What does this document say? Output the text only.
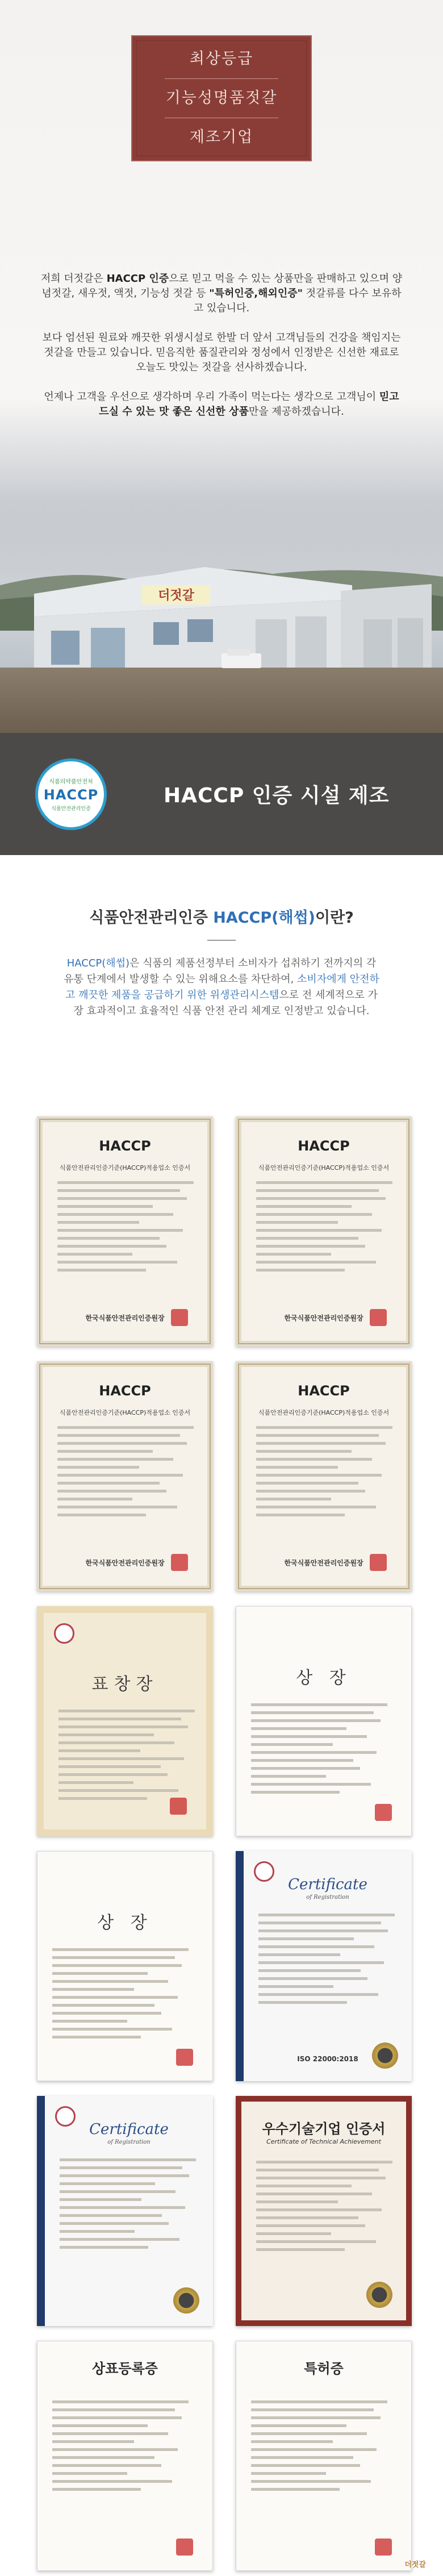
최상등급
기능성명품젓갈
제조기업

저희 더젓갈은 HACCP 인증으로 믿고 먹을 수 있는 상품만을 판매하고 있으며 양념젓갈, 새우젓, 액젓, 기능성 젓갈 등 "특허인증,해외인증" 젓갈류를 다수 보유하고 있습니다.

보다 엄선된 원료와 깨끗한 위생시설로 한발 더 앞서 고객님들의 건강을 책임지는 젓갈을 만들고 있습니다. 믿음직한 품질관리와 정성에서 인정받은 신선한 재료로 오늘도 맛있는 젓갈을 선사하겠습니다.

언제나 고객을 우선으로 생각하며 우리 가족이 먹는다는 생각으로 고객님이 믿고 드실 수 있는 맛 좋은 신선한 상품만을 제공하겠습니다.

더젓갈
식품의약품안전처
HACCP
식품안전관리인증
HACCP 인증 시설 제조
식품안전관리인증 HACCP(해썹)이란?

HACCP(해썹)은 식품의 제품선정부터 소비자가 섭취하기 전까지의 각 유통 단계에서 발생할 수 있는 위해요소를 차단하여, 소비자에게 안전하고 깨끗한 제품을 공급하기 위한 위생관리시스템으로 전 세계적으로 가장 효과적이고 효율적인 식품 안전 관리 체계로 인정받고 있습니다.

HACCP
식품안전관리인증기준(HACCP)적용업소 인증서
한국식품안전관리인증원장
HACCP
식품안전관리인증기준(HACCP)적용업소 인증서
한국식품안전관리인증원장
HACCP
식품안전관리인증기준(HACCP)적용업소 인증서
한국식품안전관리인증원장
HACCP
식품안전관리인증기준(HACCP)적용업소 인증서
한국식품안전관리인증원장
표창장	상 장
상 장
Certificate
of Registration
ISO 22000:2018
Certificate
of Registration
우수기술기업 인증서
Certificate of Technical Achievement
상표등록증	특허증
더젓갈
